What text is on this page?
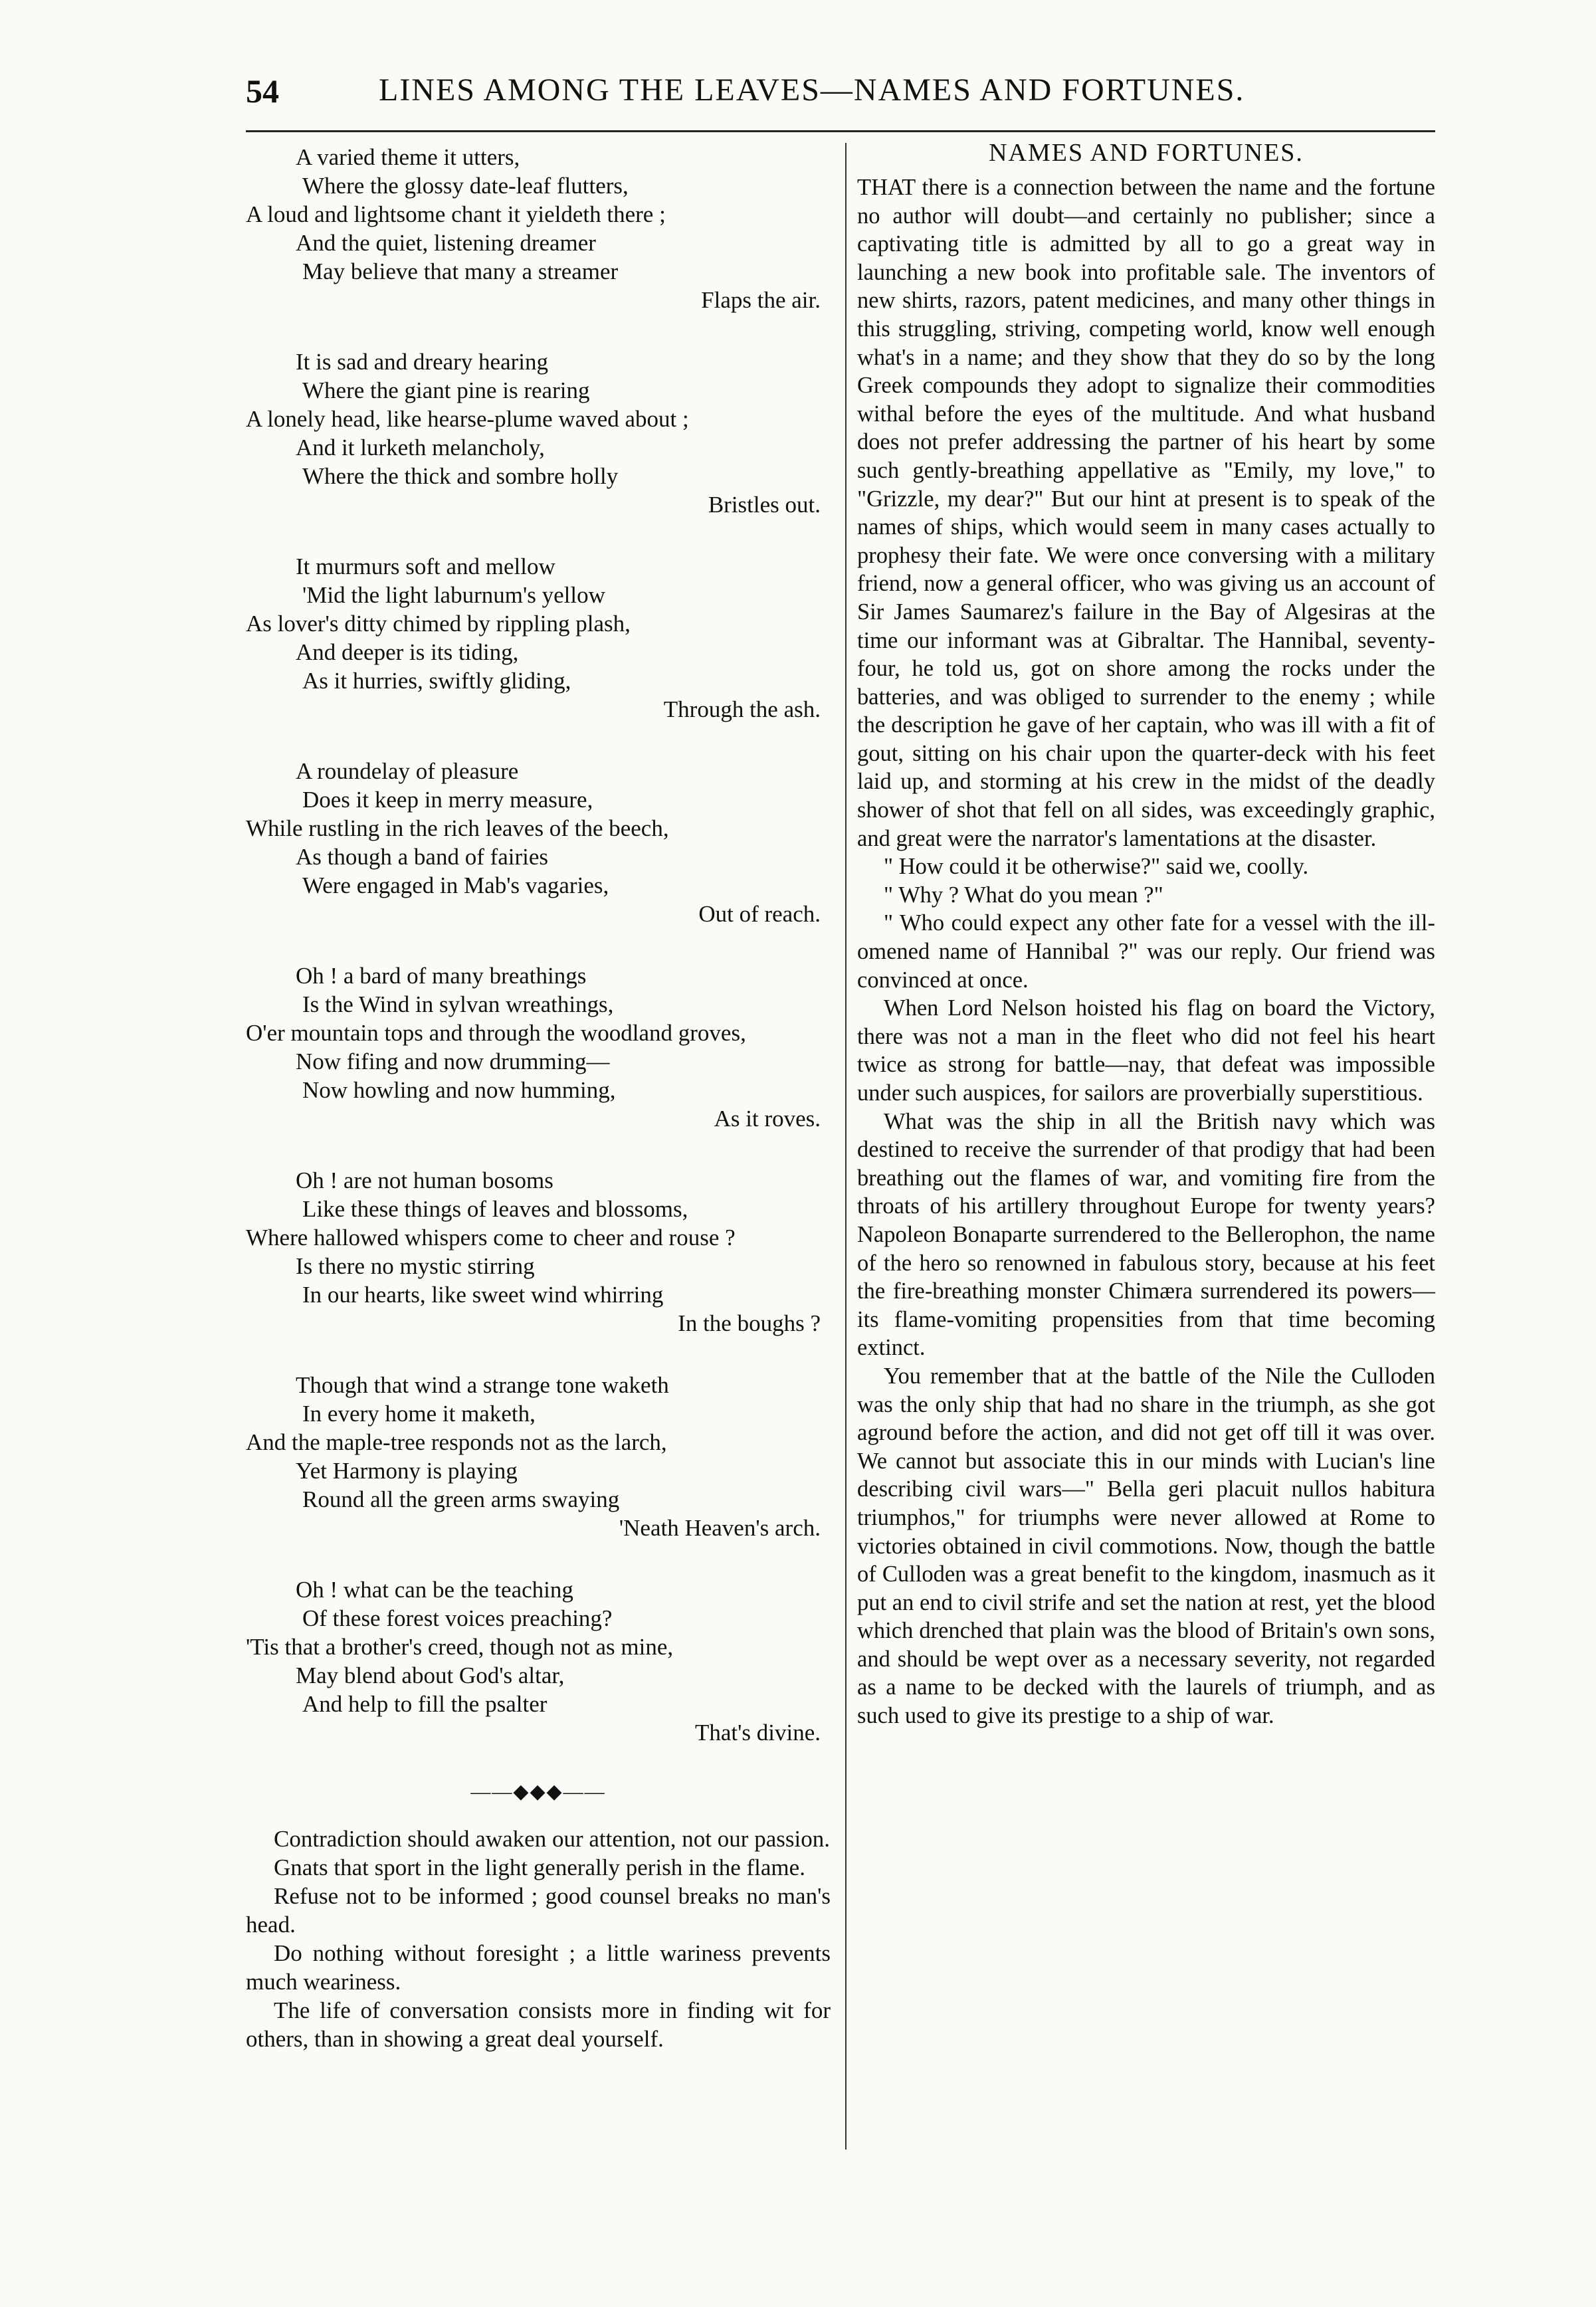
54	LINES AMONG THE LEAVES—NAMES AND FORTUNES.
A varied theme it utters,
Where the glossy date-leaf flutters,
A loud and lightsome chant it yieldeth there ;
And the quiet, listening dreamer
May believe that many a streamer
Flaps the air.
It is sad and dreary hearing
Where the giant pine is rearing
A lonely head, like hearse-plume waved about ;
And it lurketh melancholy,
Where the thick and sombre holly
Bristles out.
It murmurs soft and mellow
'Mid the light laburnum's yellow
As lover's ditty chimed by rippling plash,
And deeper is its tiding,
As it hurries, swiftly gliding,
Through the ash.
A roundelay of pleasure
Does it keep in merry measure,
While rustling in the rich leaves of the beech,
As though a band of fairies
Were engaged in Mab's vagaries,
Out of reach.
Oh ! a bard of many breathings
Is the Wind in sylvan wreathings,
O'er mountain tops and through the woodland groves,
Now fifing and now drumming—
Now howling and now humming,
As it roves.
Oh ! are not human bosoms
Like these things of leaves and blossoms,
Where hallowed whispers come to cheer and rouse ?
Is there no mystic stirring
In our hearts, like sweet wind whirring
In the boughs ?
Though that wind a strange tone waketh
In every home it maketh,
And the maple-tree responds not as the larch,
Yet Harmony is playing
Round all the green arms swaying
'Neath Heaven's arch.
Oh ! what can be the teaching
Of these forest voices preaching?
'Tis that a brother's creed, though not as mine,
May blend about God's altar,
And help to fill the psalter
That's divine.
——◆◆◆——

Contradiction should awaken our attention, not our passion.

Gnats that sport in the light generally perish in the flame.

Refuse not to be informed ; good counsel breaks no man's head.

Do nothing without foresight ; a little wariness prevents much weariness.

The life of conversation consists more in finding wit for others, than in showing a great deal yourself.

NAMES AND FORTUNES.

THAT there is a connection between the name and the fortune no author will doubt—and certainly no publisher; since a captivating title is admitted by all to go a great way in launching a new book into profitable sale. The inventors of new shirts, razors, patent medicines, and many other things in this struggling, striving, competing world, know well enough what's in a name; and they show that they do so by the long Greek compounds they adopt to signalize their commodities withal before the eyes of the multitude. And what husband does not prefer addressing the partner of his heart by some such gently-breathing appellative as "Emily, my love," to "Grizzle, my dear?" But our hint at present is to speak of the names of ships, which would seem in many cases actually to prophesy their fate. We were once conversing with a military friend, now a general officer, who was giving us an account of Sir James Saumarez's failure in the Bay of Algesiras at the time our informant was at Gibraltar. The Hannibal, seventy-four, he told us, got on shore among the rocks under the batteries, and was obliged to surrender to the enemy ; while the description he gave of her captain, who was ill with a fit of gout, sitting on his chair upon the quarter-deck with his feet laid up, and storming at his crew in the midst of the deadly shower of shot that fell on all sides, was exceedingly graphic, and great were the narrator's lamentations at the disaster.

" How could it be otherwise?" said we, coolly.

" Why ? What do you mean ?"

" Who could expect any other fate for a vessel with the ill-omened name of Hannibal ?" was our reply. Our friend was convinced at once.

When Lord Nelson hoisted his flag on board the Victory, there was not a man in the fleet who did not feel his heart twice as strong for battle—nay, that defeat was impossible under such auspices, for sailors are proverbially superstitious.

What was the ship in all the British navy which was destined to receive the surrender of that prodigy that had been breathing out the flames of war, and vomiting fire from the throats of his artillery throughout Europe for twenty years? Napoleon Bonaparte surrendered to the Bellerophon, the name of the hero so renowned in fabulous story, because at his feet the fire-breathing monster Chimæra surrendered its powers—its flame-vomiting propensities from that time becoming extinct.

You remember that at the battle of the Nile the Culloden was the only ship that had no share in the triumph, as she got aground before the action, and did not get off till it was over. We cannot but associate this in our minds with Lucian's line describing civil wars—" Bella geri placuit nullos habitura triumphos," for triumphs were never allowed at Rome to victories obtained in civil commotions. Now, though the battle of Culloden was a great benefit to the kingdom, inasmuch as it put an end to civil strife and set the nation at rest, yet the blood which drenched that plain was the blood of Britain's own sons, and should be wept over as a necessary severity, not regarded as a name to be decked with the laurels of triumph, and as such used to give its prestige to a ship of war.
